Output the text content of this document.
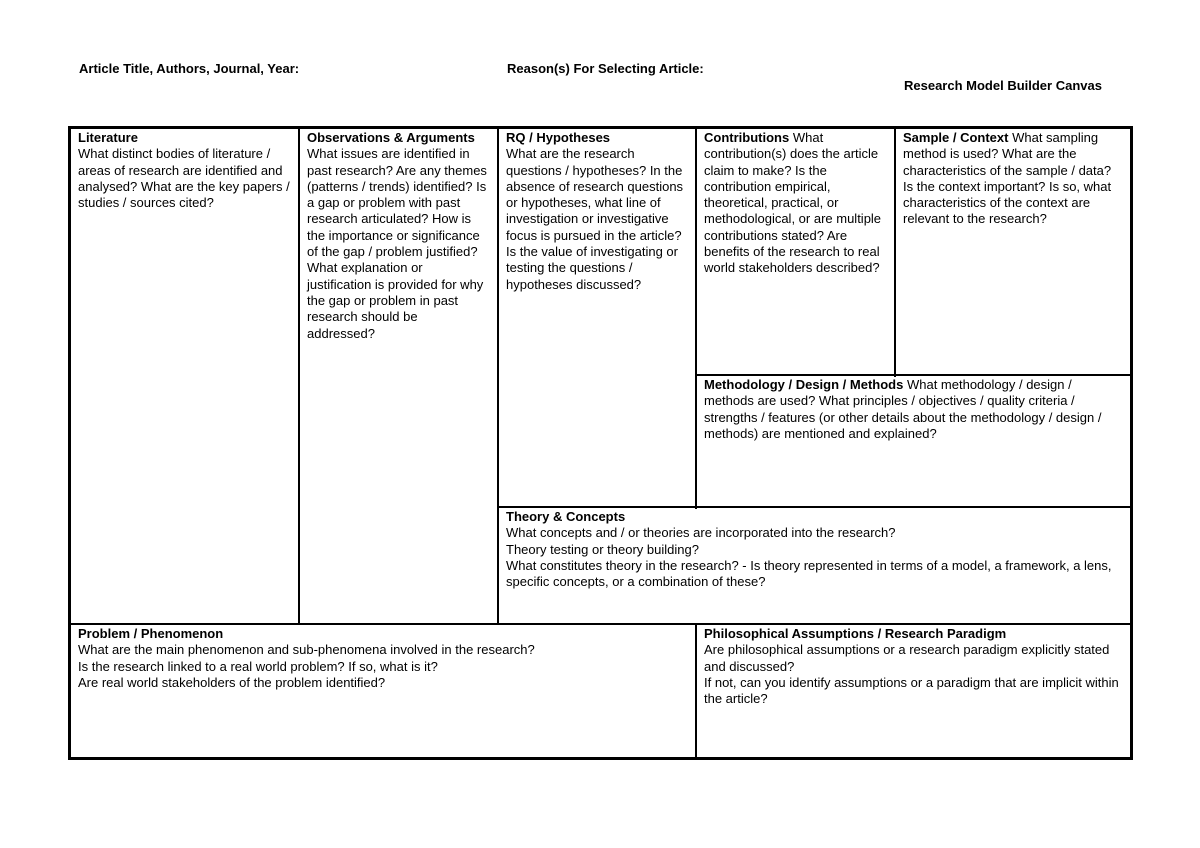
Article Title, Authors, Journal, Year:	Reason(s) For Selecting Article:
Research Model Builder Canvas
Literature
What distinct bodies of literature / areas of research are identified and analysed? What are the key papers / studies / sources cited?
Observations & Arguments
What issues are identified in past research? Are any themes (patterns / trends) identified? Is a gap or problem with past research articulated? How is the importance or significance of the gap / problem justified? What explanation or justification is provided for why the gap or problem in past research should be addressed?
RQ / Hypotheses
What are the research questions / hypotheses? In the absence of research questions or hypotheses, what line of investigation or investigative focus is pursued in the article? Is the value of investigating or testing the questions / hypotheses discussed?
Contributions What contribution(s) does the article claim to make? Is the contribution empirical, theoretical, practical, or methodological, or are multiple contributions stated? Are benefits of the research to real world stakeholders described?
Sample / Context What sampling method is used? What are the characteristics of the sample / data? Is the context important? Is so, what characteristics of the context are relevant to the research?
Methodology / Design / Methods What methodology / design / methods are used? What principles / objectives / quality criteria / strengths / features (or other details about the methodology / design / methods) are mentioned and explained?
Theory & Concepts
What concepts and / or theories are incorporated into the research?
Theory testing or theory building?
What constitutes theory in the research? - Is theory represented in terms of a model, a framework, a lens, specific concepts, or a combination of these?
Problem / Phenomenon
What are the main phenomenon and sub-phenomena involved in the research?
Is the research linked to a real world problem? If so, what is it?
Are real world stakeholders of the problem identified?
Philosophical Assumptions / Research Paradigm
Are philosophical assumptions or a research paradigm explicitly stated and discussed?
If not, can you identify assumptions or a paradigm that are implicit within the article?
